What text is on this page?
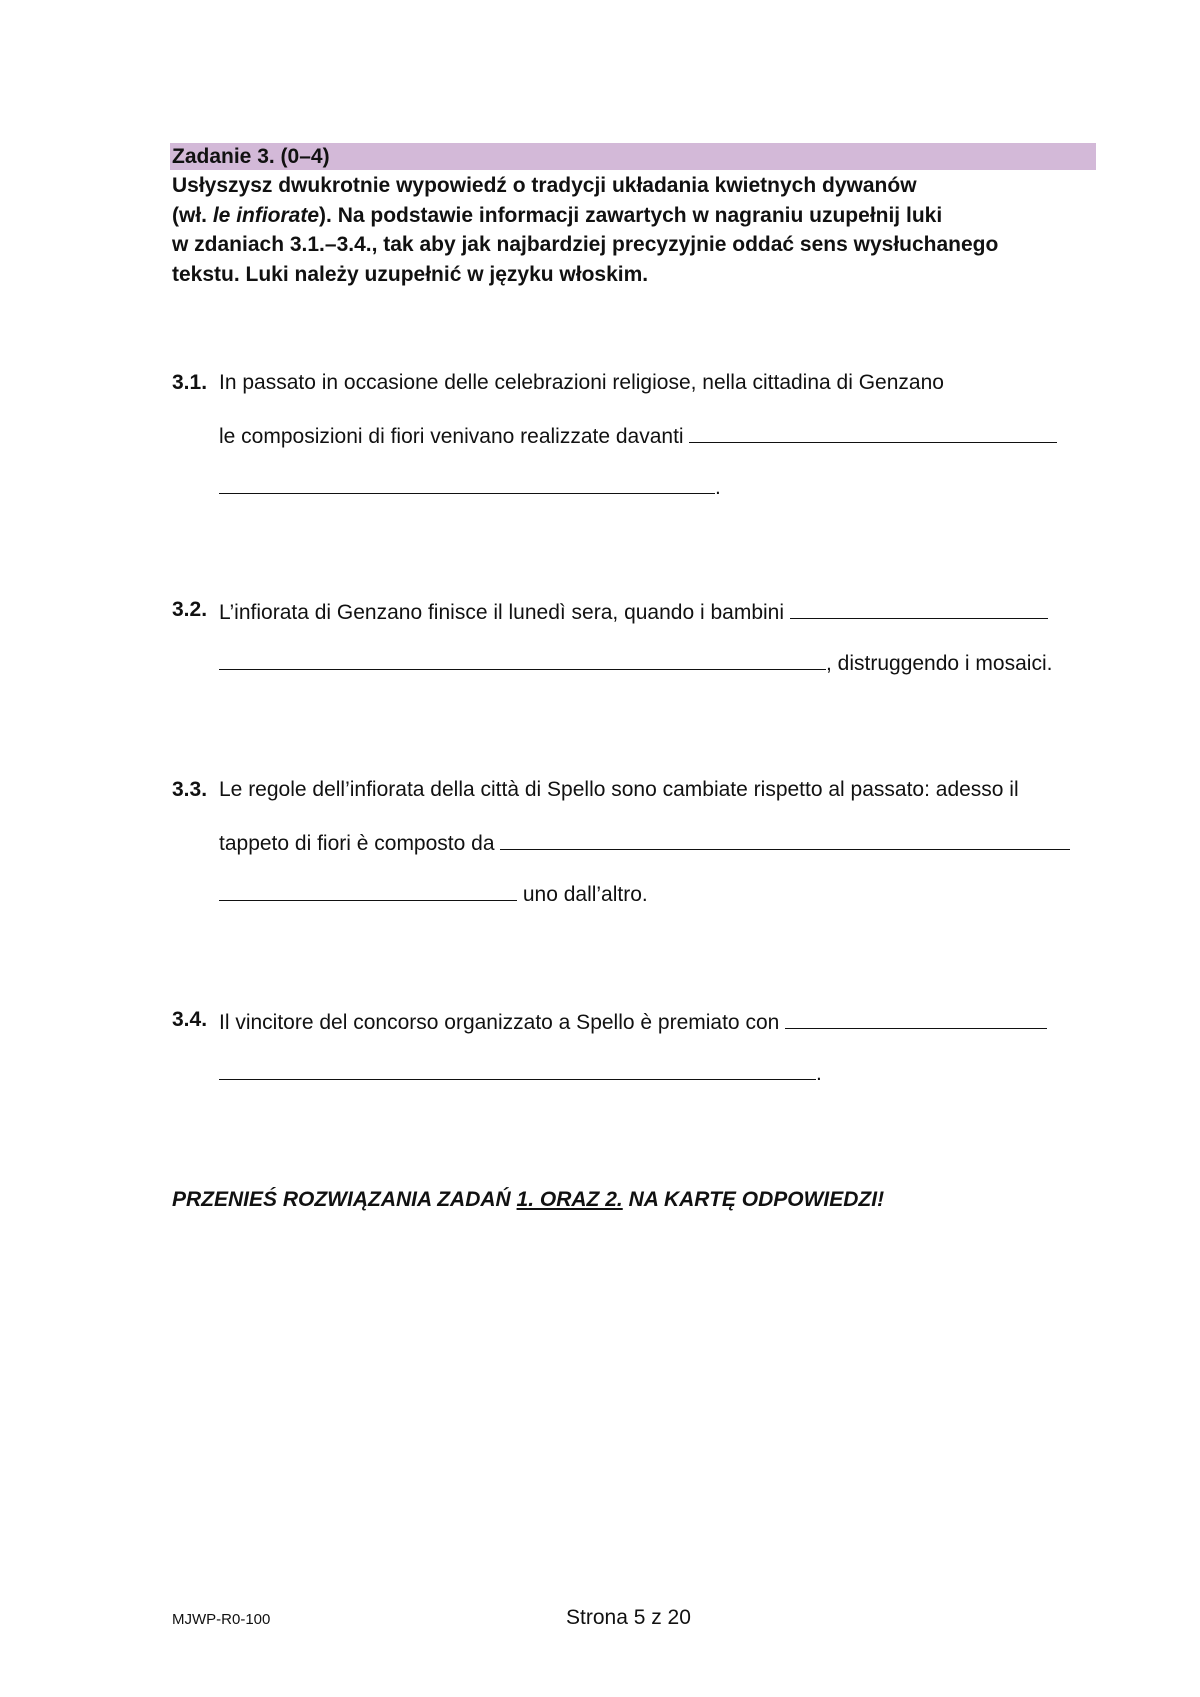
Zadanie 3. (0–4)

Usłyszysz dwukrotnie wypowiedź o tradycji układania kwietnych dywanów

(wł. le infiorate). Na podstawie informacji zawartych w nagraniu uzupełnij luki

w zdaniach 3.1.–3.4., tak aby jak najbardziej precyzyjnie oddać sens wysłuchanego

tekstu. Luki należy uzupełnić w języku włoskim.

3.1. In passato in occasione delle celebrazioni religiose, nella cittadina di Genzano
le composizioni di fiori venivano realizzate davanti
.
3.2. L’infiorata di Genzano finisce il lunedì sera, quando i bambini
, distruggendo i mosaici.
3.3. Le regole dell’infiorata della città di Spello sono cambiate rispetto al passato: adesso il
tappeto di fiori è composto da
uno dall’altro.
3.4. Il vincitore del concorso organizzato a Spello è premiato con
.
PRZENIEŚ ROZWIĄZANIA ZADAŃ 1. ORAZ 2. NA KARTĘ ODPOWIEDZI!
MJWP-R0-100	Strona 5 z 20
